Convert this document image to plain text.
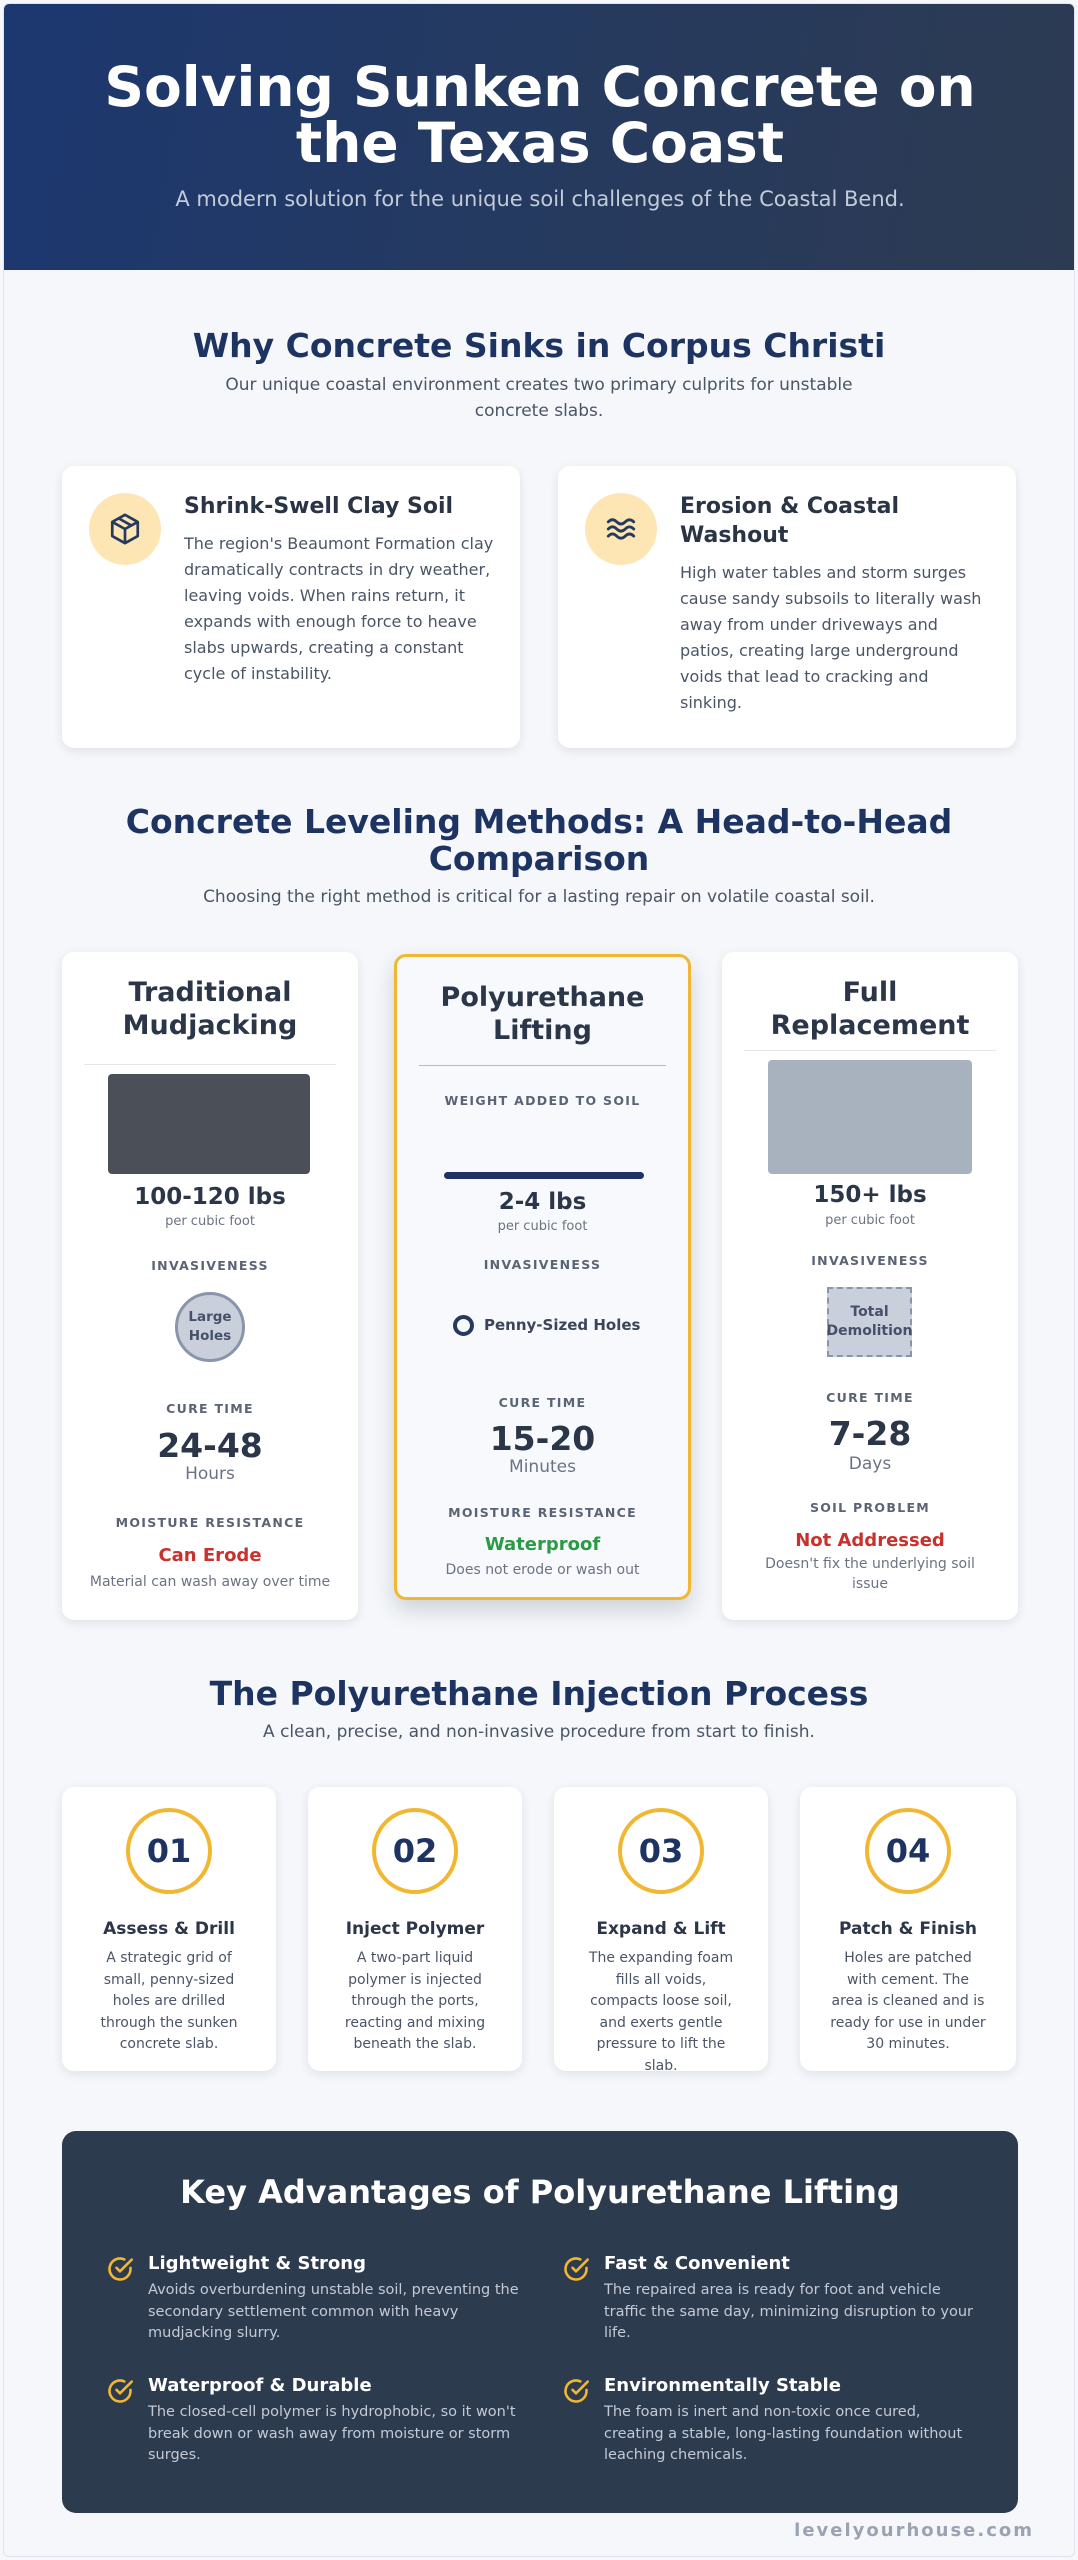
Solving Sunken Concrete on the Texas Coast

A modern solution for the unique soil challenges of the Coastal Bend.

Why Concrete Sinks in Corpus Christi

Our unique coastal environment creates two primary culprits for unstable concrete slabs.

Shrink-Swell Clay Soil
The region's Beaumont Formation clay dramatically contracts in dry weather, leaving voids. When rains return, it expands with enough force to heave slabs upwards, creating a constant cycle of instability.
Erosion & Coastal Washout
High water tables and storm surges cause sandy subsoils to literally wash away from under driveways and patios, creating large underground voids that lead to cracking and sinking.
Concrete Leveling Methods: A Head-to-Head Comparison

Choosing the right method is critical for a lasting repair on volatile coastal soil.

Traditional Mudjacking
100-120 lbs
per cubic foot
INVASIVENESS
Large Holes
CURE TIME
24-48
Hours
MOISTURE RESISTANCE
Can Erode
Material can wash away over time
Polyurethane Lifting
WEIGHT ADDED TO SOIL
2-4 lbs
per cubic foot
INVASIVENESS
Penny-Sized Holes
CURE TIME
15-20
Minutes
MOISTURE RESISTANCE
Waterproof
Does not erode or wash out
Full Replacement
150+ lbs
per cubic foot
INVASIVENESS
Total Demolition
CURE TIME
7-28
Days
SOIL PROBLEM
Not Addressed
Doesn't fix the underlying soil issue
The Polyurethane Injection Process

A clean, precise, and non-invasive procedure from start to finish.

01
Assess & Drill
A strategic grid of small, penny-sized holes are drilled through the sunken concrete slab.
02
Inject Polymer
A two-part liquid polymer is injected through the ports, reacting and mixing beneath the slab.
03
Expand & Lift
The expanding foam fills all voids, compacts loose soil, and exerts gentle pressure to lift the slab.
04
Patch & Finish
Holes are patched with cement. The area is cleaned and is ready for use in under 30 minutes.
Key Advantages of Polyurethane Lifting
Lightweight & Strong
Avoids overburdening unstable soil, preventing the secondary settlement common with heavy mudjacking slurry.
Fast & Convenient
The repaired area is ready for foot and vehicle traffic the same day, minimizing disruption to your life.
Waterproof & Durable
The closed-cell polymer is hydrophobic, so it won't break down or wash away from moisture or storm surges.
Environmentally Stable
The foam is inert and non-toxic once cured, creating a stable, long-lasting foundation without leaching chemicals.
levelyourhouse.com
